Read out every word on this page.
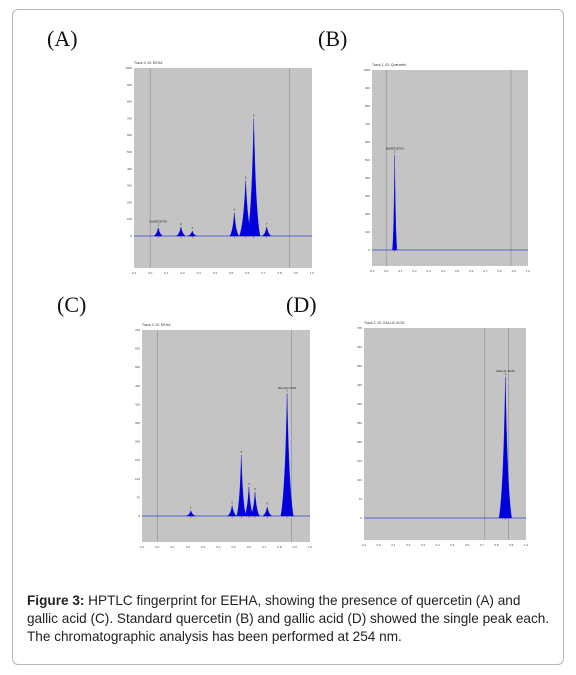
(A)	(B)
(C)	(D)
Track 3, ID: EEHA
0
100
200
300
400
500
600
700
800
900
1000
-0.1	0.0	0.1	0.2	0.3	0.4	0.5	0.6	0.7	0.8	0.9	1.0
1	2
3
4
5
6
7
QUERCETIN
Track 1, ID: Quercetin
0
100
200
300
400
500
600
700
800
900
1000
-0.1	0.0	0.1	0.2	0.3	0.4	0.5	0.6	0.7	0.8	0.9	1.0
1
QUERCETIN
Track 3, ID: EEHA
0
70
140
210
280
350
420
490
560
630
700
-0.1	0.0	0.1	0.2	0.3	0.4	0.5	0.6	0.7	0.8	0.9	1.0
1
2
3
4
5
6
7
GALLIC ACID
Track 2, ID: GALLIC ACID
0
70
140
210
280
350
420
490
560
630
700
-0.1	0.0	0.1	0.2	0.3	0.4	0.5	0.6	0.7	0.8	0.9	1.0
1
GALLIC ACID
Figure 3: HPTLC fingerprint for EEHA, showing the presence of quercetin (A) and gallic acid (C). Standard quercetin (B) and gallic acid (D) showed the single peak each. The chromatographic analysis has been performed at 254 nm.
